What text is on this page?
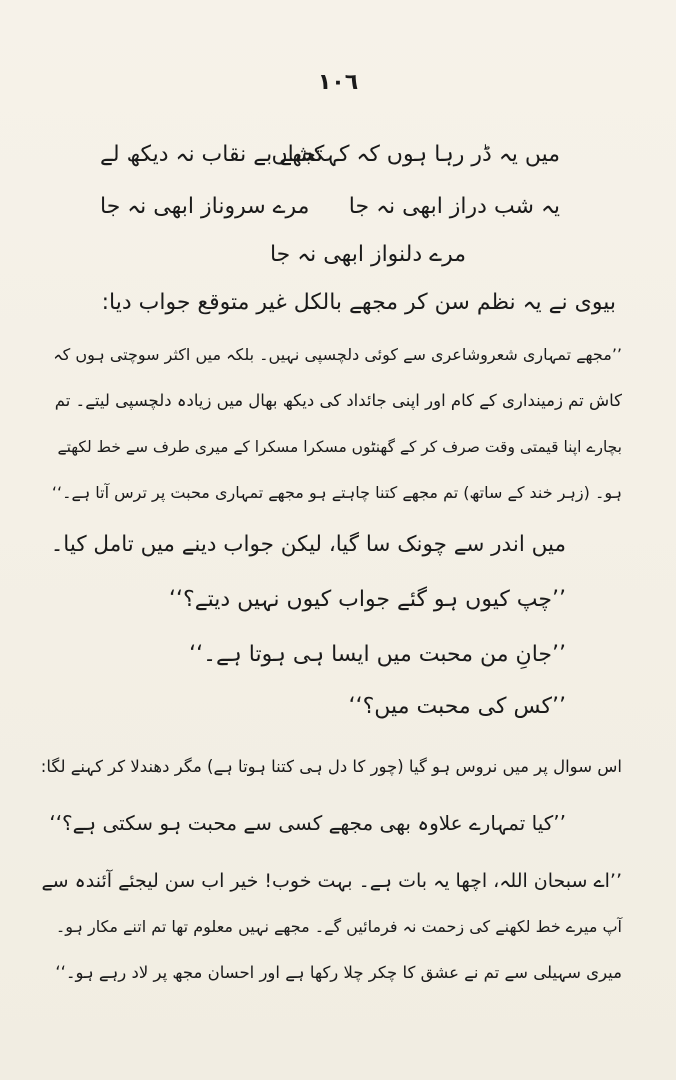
١٠٦
میں یہ ڈر رہا ہوں کہ کہکشاں
تجھے بے نقاب نہ دیکھ لے
یہ شب دراز ابھی نہ جا
مرے سروناز ابھی نہ جا
مرے دلنواز ابھی نہ جا
بیوی نے یہ نظم سن کر مجھے بالکل غیر متوقع جواب دیا:
’’مجھے تمہاری شعروشاعری سے کوئی دلچسپی نہیں۔ بلکہ میں اکثر سوچتی ہوں کہ
کاش تم زمینداری کے کام اور اپنی جائداد کی دیکھ بھال میں زیادہ دلچسپی لیتے۔ تم
بچارے اپنا قیمتی وقت صرف کر کے گھنٹوں مسکرا مسکرا کے میری طرف سے خط لکھتے
ہو۔ (زہر خند کے ساتھ) تم مجھے کتنا چاہتے ہو مجھے تمہاری محبت پر ترس آتا ہے۔‘‘
میں اندر سے چونک سا گیا، لیکن جواب دینے میں تامل کیا۔
’’چپ کیوں ہو گئے جواب کیوں نہیں دیتے؟‘‘
’’جانِ من محبت میں ایسا ہی ہوتا ہے۔‘‘
’’کس کی محبت میں؟‘‘
اس سوال پر میں نروس ہو گیا (چور کا دل ہی کتنا ہوتا ہے) مگر دھندلا کر کہنے لگا:
’’کیا تمہارے علاوہ بھی مجھے کسی سے محبت ہو سکتی ہے؟‘‘
’’اے سبحان اللہ، اچھا یہ بات ہے۔ بہت خوب! خیر اب سن لیجئے آئندہ سے
آپ میرے خط لکھنے کی زحمت نہ فرمائیں گے۔ مجھے نہیں معلوم تھا تم اتنے مکار ہو۔
میری سہیلی سے تم نے عشق کا چکر چلا رکھا ہے اور احسان مجھ پر لاد رہے ہو۔‘‘
